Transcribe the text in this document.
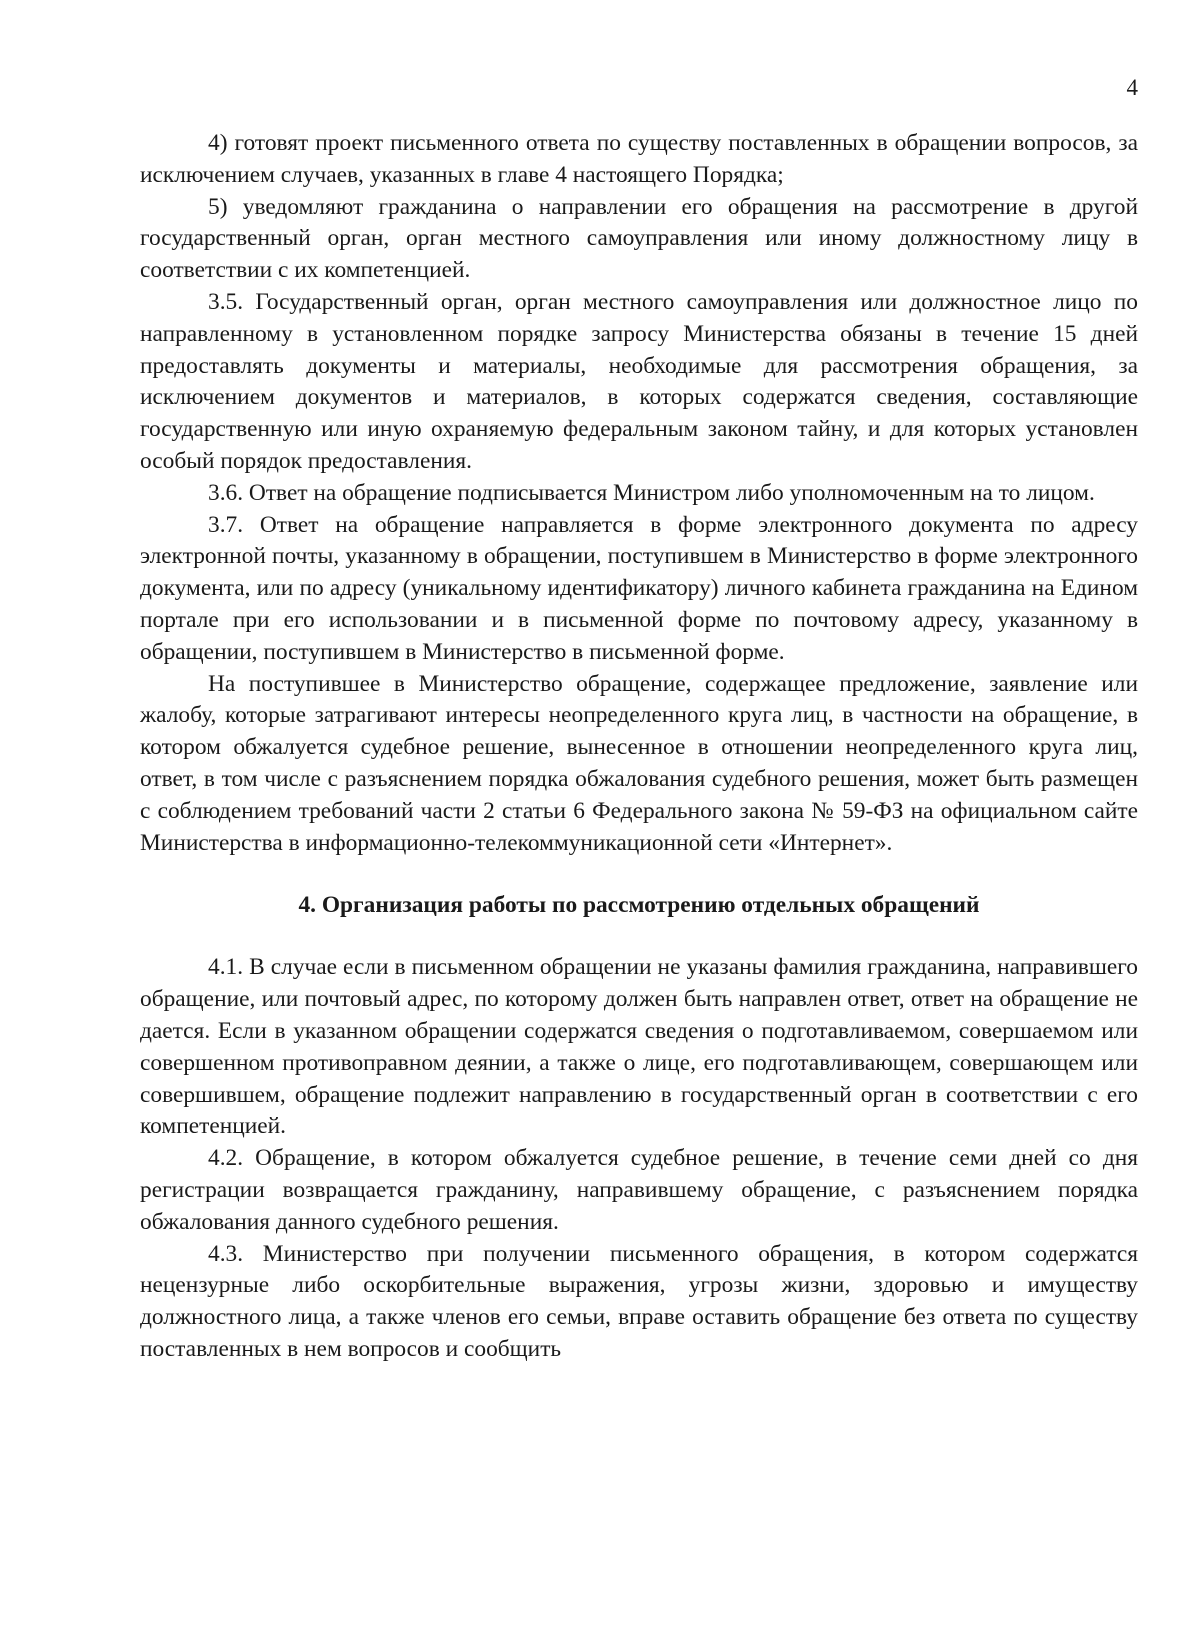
4

4) готовят проект письменного ответа по существу поставленных в обращении вопросов, за исключением случаев, указанных в главе 4 настоящего Порядка;

5) уведомляют гражданина о направлении его обращения на рассмотрение в другой государственный орган, орган местного самоуправления или иному должностному лицу в соответствии с их компетенцией.

3.5. Государственный орган, орган местного самоуправления или должностное лицо по направленному в установленном порядке запросу Министерства обязаны в течение 15 дней предоставлять документы и материалы, необходимые для рассмотрения обращения, за исключением документов и материалов, в которых содержатся сведения, составляющие государственную или иную охраняемую федеральным законом тайну, и для которых установлен особый порядок предоставления.

3.6. Ответ на обращение подписывается Министром либо уполномоченным на то лицом.

3.7. Ответ на обращение направляется в форме электронного документа по адресу электронной почты, указанному в обращении, поступившем в Министерство в форме электронного документа, или по адресу (уникальному идентификатору) личного кабинета гражданина на Едином портале при его использовании и в письменной форме по почтовому адресу, указанному в обращении, поступившем в Министерство в письменной форме.

На поступившее в Министерство обращение, содержащее предложение, заявление или жалобу, которые затрагивают интересы неопределенного круга лиц, в частности на обращение, в котором обжалуется судебное решение, вынесенное в отношении неопределенного круга лиц, ответ, в том числе с разъяснением порядка обжалования судебного решения, может быть размещен с соблюдением требований части 2 статьи 6 Федерального закона № 59-ФЗ на официальном сайте Министерства в информационно-телекоммуникационной сети «Интернет».

4. Организация работы по рассмотрению отдельных обращений

4.1. В случае если в письменном обращении не указаны фамилия гражданина, направившего обращение, или почтовый адрес, по которому должен быть направлен ответ, ответ на обращение не дается. Если в указанном обращении содержатся сведения о подготавливаемом, совершаемом или совершенном противоправном деянии, а также о лице, его подготавливающем, совершающем или совершившем, обращение подлежит направлению в государственный орган в соответствии с его компетенцией.

4.2. Обращение, в котором обжалуется судебное решение, в течение семи дней со дня регистрации возвращается гражданину, направившему обращение, с разъяснением порядка обжалования данного судебного решения.

4.3. Министерство при получении письменного обращения, в котором содержатся нецензурные либо оскорбительные выражения, угрозы жизни, здоровью и имуществу должностного лица, а также членов его семьи, вправе оставить обращение без ответа по существу поставленных в нем вопросов и сообщить
